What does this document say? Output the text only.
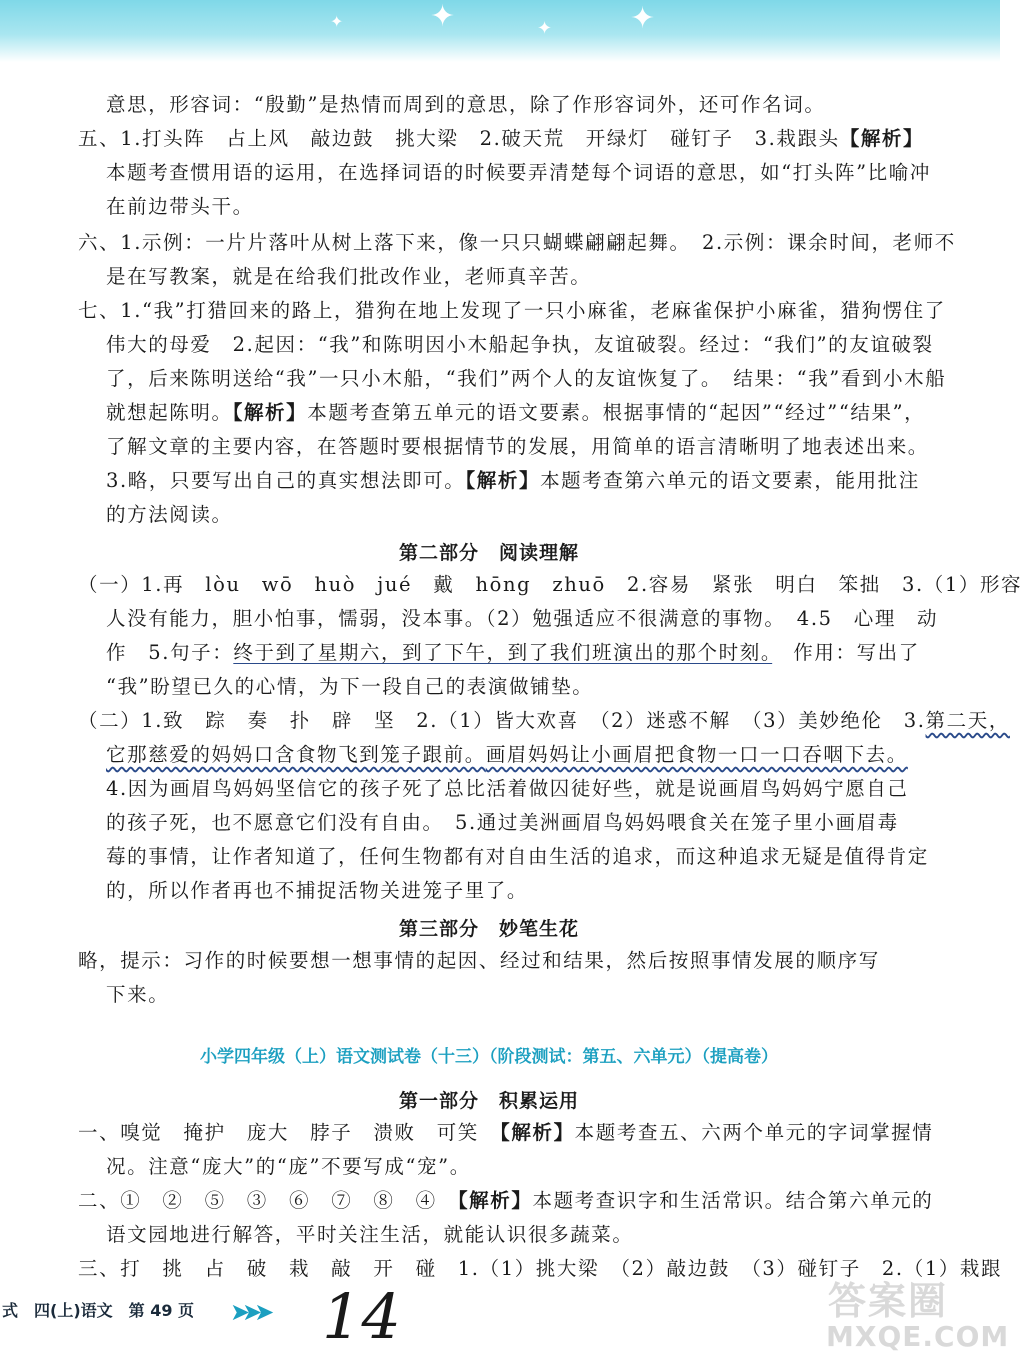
✦	✦
✦
✦
意思，形容词：“殷勤”是热情而周到的意思，除了作形容词外，还可作名词。
五、1.打头阵　占上风　敲边鼓　挑大梁　2.破天荒　开绿灯　碰钉子　3.栽跟头【解析】
本题考查惯用语的运用，在选择词语的时候要弄清楚每个词语的意思，如“打头阵”比喻冲
在前边带头干。
六、1.示例：一片片落叶从树上落下来，像一只只蝴蝶翩翩起舞。　2.示例：课余时间，老师不
是在写教案，就是在给我们批改作业，老师真辛苦。
七、1.“我”打猎回来的路上，猎狗在地上发现了一只小麻雀，老麻雀保护小麻雀，猎狗愣住了
伟大的母爱　2.起因：“我”和陈明因小木船起争执，友谊破裂。经过：“我们”的友谊破裂
了，后来陈明送给“我”一只小木船，“我们”两个人的友谊恢复了。　结果：“我”看到小木船
就想起陈明。【解析】本题考查第五单元的语文要素。根据事情的“起因”“经过”“结果”，
了解文章的主要内容，在答题时要根据情节的发展，用简单的语言清晰明了地表述出来。
3.略，只要写出自己的真实想法即可。【解析】本题考查第六单元的语文要素，能用批注
的方法阅读。
第二部分　阅读理解
（一）1.再　lòu　wō　huò　jué　戴　hōng　zhuō　2.容易　紧张　明白　笨拙　3.（1）形容
人没有能力，胆小怕事，懦弱，没本事。（2）勉强适应不很满意的事物。　4.5　心理　动
作　5.句子：终于到了星期六，到了下午，到了我们班演出的那个时刻。　作用：写出了
“我”盼望已久的心情，为下一段自己的表演做铺垫。
（二）1.致　踪　奏　扑　辟　坚　2.（1）皆大欢喜　（2）迷惑不解　（3）美妙绝伦　3.第二天，
它那慈爱的妈妈口含食物飞到笼子跟前。画眉妈妈让小画眉把食物一口一口吞咽下去。
4.因为画眉鸟妈妈坚信它的孩子死了总比活着做囚徒好些，就是说画眉鸟妈妈宁愿自己
的孩子死，也不愿意它们没有自由。　5.通过美洲画眉鸟妈妈喂食关在笼子里小画眉毒
莓的事情，让作者知道了，任何生物都有对自由生活的追求，而这种追求无疑是值得肯定
的，所以作者再也不捕捉活物关进笼子里了。
第三部分　妙笔生花
略，提示：习作的时候要想一想事情的起因、经过和结果，然后按照事情发展的顺序写
下来。
小学四年级（上）语文测试卷（十三）（阶段测试：第五、六单元）（提高卷）
第一部分　积累运用
一、嗅觉　掩护　庞大　脖子　溃败　可笑　 【解析】本题考查五、六两个单元的字词掌握情
况。注意“庞大”的“庞”不要写成“宠”。
二、①　②　⑤　③　⑥　⑦　⑧　④　 【解析】本题考查识字和生活常识。结合第六单元的
语文园地进行解答，平时关注生活，就能认识很多蔬菜。
三、打　挑　占　破　栽　敲　开　碰　1.（1）挑大梁　（2）敲边鼓　（3）碰钉子　2.（1）栽跟
式　四(上)语文　第 49 页 ➤➤➤ 14	答案圈
MXQE.COM
